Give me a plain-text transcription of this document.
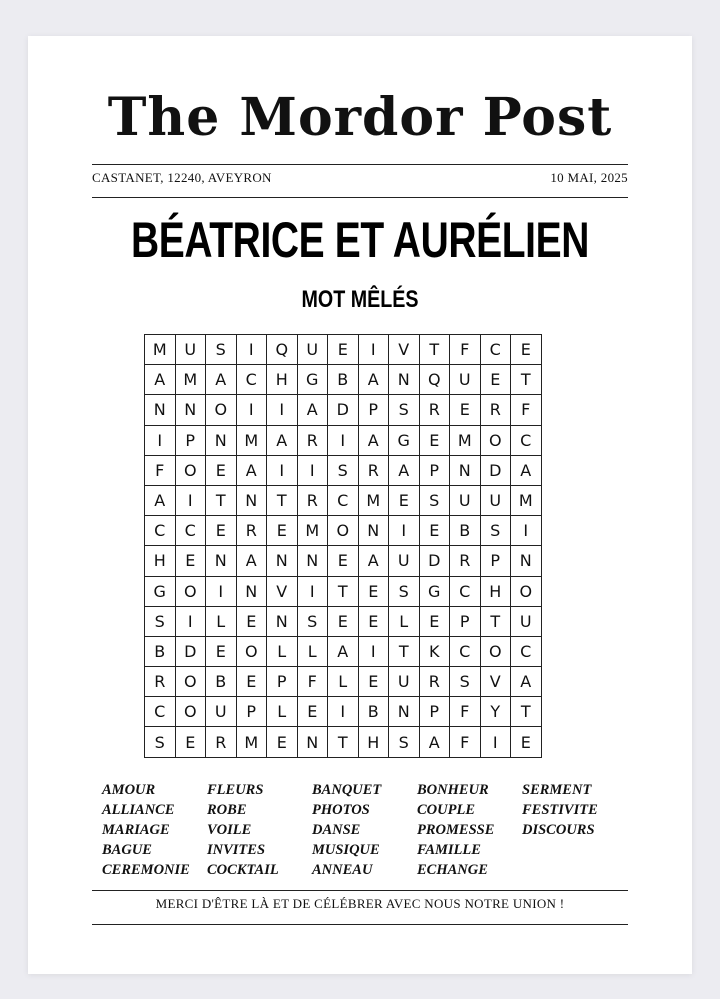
The Mordor Post
CASTANET, 12240, AVEYRON	10 MAI, 2025
BÉATRICE ET AURÉLIEN
MOT MÊLÉS
M	U	S	I	Q	U	E	I	V	T	F	C	E
A	M	A	C	H	G	B	A	N	Q	U	E	T
N	N	O	I	I	A	D	P	S	R	E	R	F
I	P	N	M	A	R	I	A	G	E	M	O	C
F	O	E	A	I	I	S	R	A	P	N	D	A
A	I	T	N	T	R	C	M	E	S	U	U	M
C	C	E	R	E	M	O	N	I	E	B	S	I
H	E	N	A	N	N	E	A	U	D	R	P	N
G	O	I	N	V	I	T	E	S	G	C	H	O
S	I	L	E	N	S	E	E	L	E	P	T	U
B	D	E	O	L	L	A	I	T	K	C	O	C
R	O	B	E	P	F	L	E	U	R	S	V	A
C	O	U	P	L	E	I	B	N	P	F	Y	T
S	E	R	M	E	N	T	H	S	A	F	I	E
AMOUR
ALLIANCE
MARIAGE
BAGUE
CEREMONIE
FLEURS
ROBE
VOILE
INVITES
COCKTAIL
BANQUET
PHOTOS
DANSE
MUSIQUE
ANNEAU
BONHEUR
COUPLE
PROMESSE
FAMILLE
ECHANGE
SERMENT
FESTIVITE
DISCOURS
MERCI D'ÊTRE LÀ ET DE CÉLÉBRER AVEC NOUS NOTRE UNION !
